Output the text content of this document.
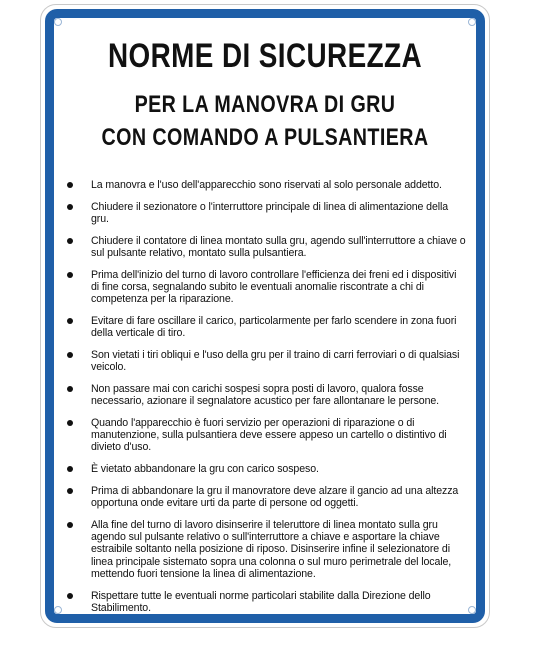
NORME DI SICUREZZA
PER LA MANOVRA DI GRU
CON COMANDO A PULSANTIERA
La manovra e l'uso dell'apparecchio sono riservati al solo personale addetto.
Chiudere il sezionatore o l'interruttore principale di linea di alimentazione della gru.
Chiudere il contatore di linea montato sulla gru, agendo sull'interruttore a chiave o sul pulsante relativo, montato sulla pulsantiera.
Prima dell'inizio del turno di lavoro controllare l'efficienza dei freni ed i dispositivi di fine corsa, segnalando subito le eventuali anomalie riscontrate a chi di competenza per la riparazione.
Evitare di fare oscillare il carico, particolarmente per farlo scendere in zona fuori della verticale di tiro.
Son vietati i tiri obliqui e l'uso della gru per il traino di carri ferroviari o di qualsiasi veicolo.
Non passare mai con carichi sospesi sopra posti di lavoro, qualora fosse necessario, azionare il segnalatore acustico per fare allontanare le persone.
Quando l'apparecchio è fuori servizio per operazioni di riparazione o di manutenzione, sulla pulsantiera deve essere appeso un cartello o distintivo di divieto d'uso.
È vietato abbandonare la gru con carico sospeso.
Prima di abbandonare la gru il manovratore deve alzare il gancio ad una altezza opportuna onde evitare urti da parte di persone od oggetti.
Alla fine del turno di lavoro disinserire il teleruttore di linea montato sulla gru agendo sul pulsante relativo o sull'interruttore a chiave e asportare la chiave estraibile soltanto nella posizione di riposo. Disinserire infine il selezionatore di linea principale sistemato sopra una colonna o sul muro perimetrale del locale, mettendo fuori tensione la linea di alimentazione.
Rispettare tutte le eventuali norme particolari stabilite dalla Direzione dello Stabilimento.
